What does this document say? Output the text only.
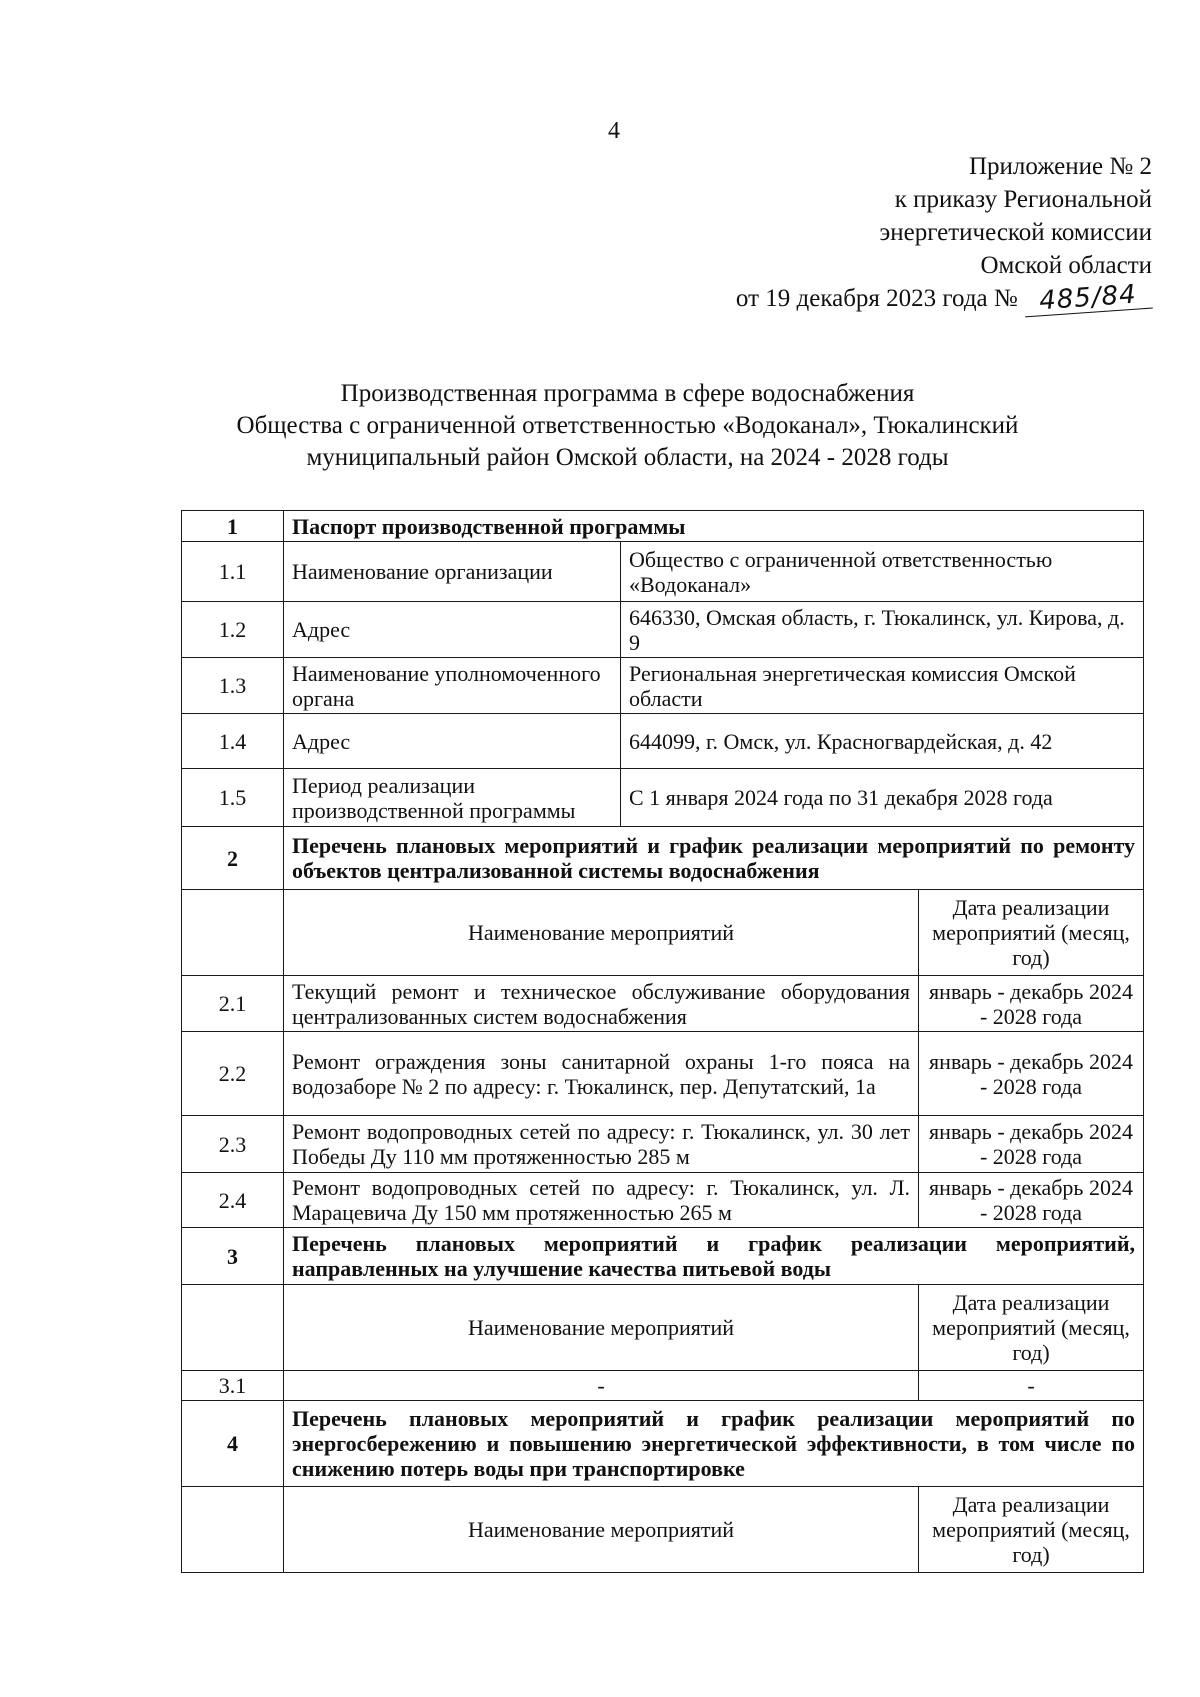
4
Приложение № 2
к приказу Региональной
энергетической комиссии
Омской области
от 19 декабря 2023 года № 485/84
Производственная программа в сфере водоснабжения
Общества с ограниченной ответственностью «Водоканал», Тюкалинский
муниципальный район Омской области, на 2024 - 2028 годы
1	Паспорт производственной программы		
1.1	Наименование организации	Общество с ограниченной ответственностью «Водоканал»	
1.2	Адрес	646330, Омская область, г. Тюкалинск, ул. Кирова, д. 9	
1.3	Наименование уполномоченного органа	Региональная энергетическая комиссия Омской области	
1.4	Адрес	644099, г. Омск, ул. Красногвардейская, д. 42	
1.5	Период реализации производственной программы	С 1 января 2024 года по 31 декабря 2028 года	
2	Перечень плановых мероприятий и график реализации мероприятий по ремонту объектов централизованной системы водоснабжения		
	Наименование мероприятий		Дата реализации мероприятий (месяц, год)
2.1	Текущий ремонт и техническое обслуживание оборудования централизованных систем водоснабжения		январь - декабрь 2024 - 2028 года
2.2	Ремонт ограждения зоны санитарной охраны 1-го пояса на водозаборе № 2 по адресу: г. Тюкалинск, пер. Депутатский, 1а		январь - декабрь 2024 - 2028 года
2.3	Ремонт водопроводных сетей по адресу: г. Тюкалинск, ул. 30 лет Победы Ду 110 мм протяженностью 285 м		январь - декабрь 2024 - 2028 года
2.4	Ремонт водопроводных сетей по адресу: г. Тюкалинск, ул. Л. Марацевича Ду 150 мм протяженностью 265 м		январь - декабрь 2024 - 2028 года
3	Перечень плановых мероприятий и график реализации мероприятий, направленных на улучшение качества питьевой воды		
	Наименование мероприятий		Дата реализации мероприятий (месяц, год)
3.1	-		-
4	Перечень плановых мероприятий и график реализации мероприятий по энергосбережению и повышению энергетической эффективности, в том числе по снижению потерь воды при транспортировке		
	Наименование мероприятий		Дата реализации мероприятий (месяц, год)
